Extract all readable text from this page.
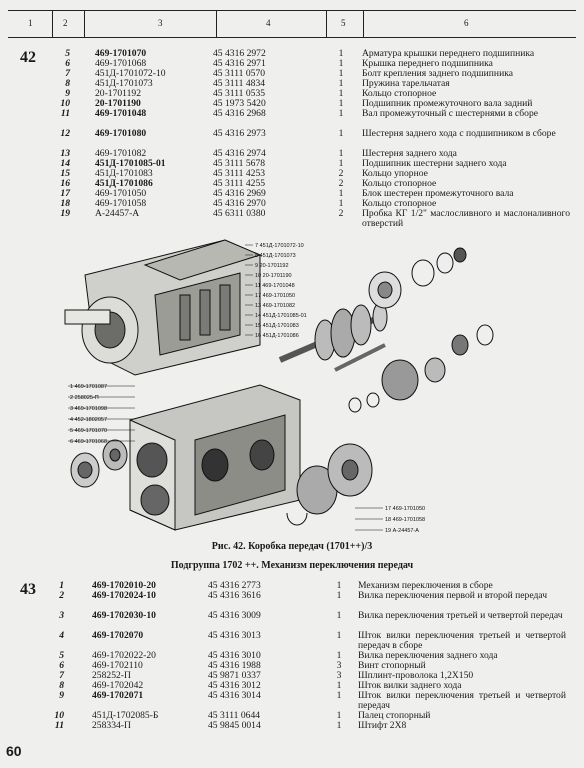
1	2	3	4	5	6
42	5	469-1701070	45 4316 2972	1	Арматура крышки переднего подшипника
6	469-1701068	45 4316 2971	1	Крышка переднего подшипника
7	451Д-1701072-10	45 3111 0570	1	Болт крепления заднего подшипника
8	451Д-1701073	45 3111 4834	1	Пружина тарельчатая
9	20-1701192	45 3111 0535	1	Кольцо стопорное
10	20-1701190	45 1973 5420	1	Подшипник промежуточного вала задний
11	469-1701048	45 4316 2968	1	Вал промежуточный с шестернями в сборе
12	469-1701080	45 4316 2973	1	Шестерня заднего хода с подшипником в сборе
13	469-1701082	45 4316 2974	1	Шестерня заднего хода
14	451Д-1701085-01	45 3111 5678	1	Подшипник шестерни заднего хода
15	451Д-1701083	45 3111 4253	2	Кольцо упорное
16	451Д-1701086	45 3111 4255	2	Кольцо стопорное
17	469-1701050	45 4316 2969	1	Блок шестерен промежуточного вала
18	469-1701058	45 4316 2970	1	Кольцо стопорное
19	А-24457-А	45 6311 0380	2	Пробка КГ 1/2" маслосливного и маслоналивного отверстий
7 451Д-1701072-10
8 451Д-1701073
9 20-1701192
10 20-1701190
11 469-1701048
17 469-1701050
13 469-1701082
14 451Д-1701085-01
15 451Д-1701083
16 451Д-1701086
1 469-1701087
2 258025-П
3 469-1701098
4 452-1802057
5 469-1701070
6 469-1701068
17 469-1701050
18 469-1701058
19 А-24457-А
Рис. 42. Коробка передач (1701++)/3
Подгруппа 1702 ++. Механизм переключения передач
43	1	469-1702010-20	45 4316 2773	1	Механизм переключения в сборе
2	469-1702024-10	45 4316 3616	1	Вилка переключения первой и второй передач
3	469-1702030-10	45 4316 3009	1	Вилка переключения третьей и четвертой передач
4	469-1702070	45 4316 3013	1	Шток вилки переключения третьей и четвертой передач в сборе
5	469-1702022-20	45 4316 3010	1	Вилка переключения заднего хода
6	469-1702110	45 4316 1988	3	Винт стопорный
7	258252-П	45 9871 0337	3	Шплинт-проволока 1,2Х150
8	469-1702042	45 4316 3012	1	Шток вилки заднего хода
9	469-1702071	45 4316 3014	1	Шток вилки переключения третьей и четвертой передач
10	451Д-1702085-Б	45 3111 0644	1	Палец стопорный
11	258334-П	45 9845 0014	1	Штифт 2Х8
60
